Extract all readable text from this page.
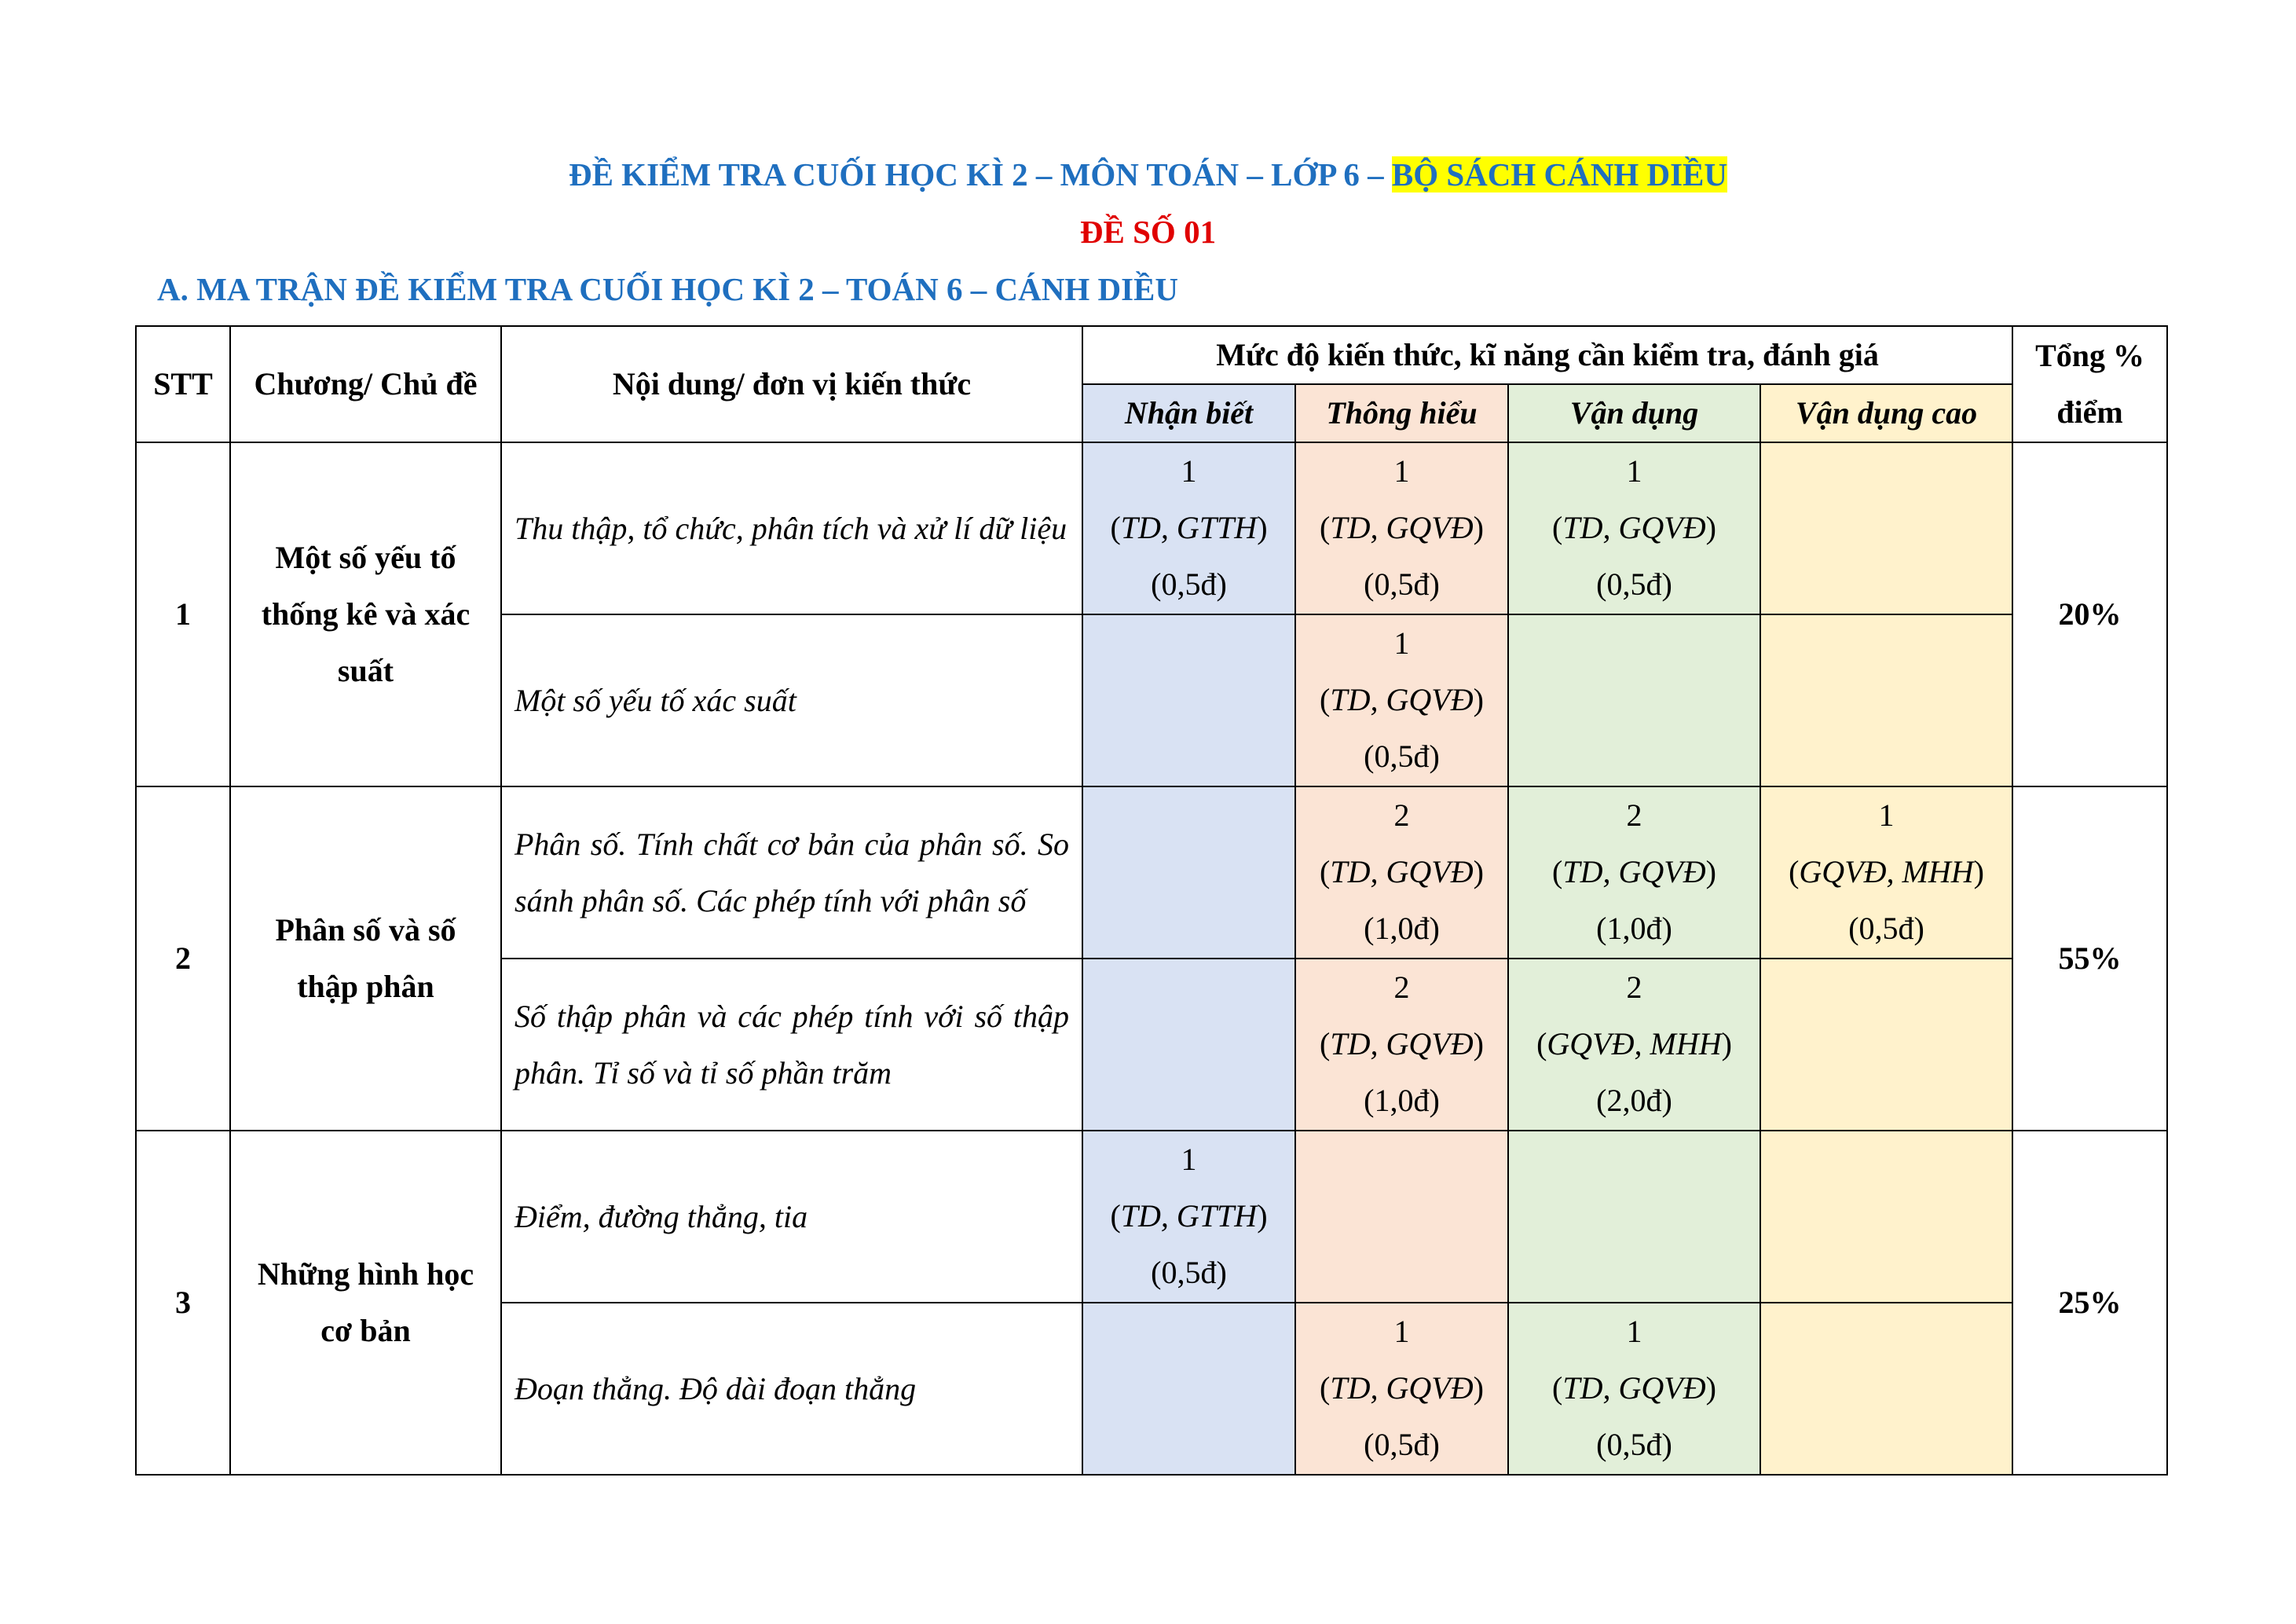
ĐỀ KIỂM TRA CUỐI HỌC KÌ 2 – MÔN TOÁN – LỚP 6 – BỘ SÁCH CÁNH DIỀU
ĐỀ SỐ 01
A. MA TRẬN ĐỀ KIỂM TRA CUỐI HỌC KÌ 2 – TOÁN 6 – CÁNH DIỀU
STT	Chương/ Chủ đề	Nội dung/ đơn vị kiến thức	Mức độ kiến thức, kĩ năng cần kiểm tra, đánh giá				Tổng % điểm
			Nhận biết	Thông hiểu	Vận dụng	Vận dụng cao	
1	Một số yếu tố thống kê và xác suất	Thu thập, tổ chức, phân tích và xử lí dữ liệu	1
(TD, GTTH)
(0,5đ)	1
(TD, GQVĐ)
(0,5đ)	1
(TD, GQVĐ)
(0,5đ)		20%
		Một số yếu tố xác suất		1
(TD, GQVĐ)
(0,5đ)			

2	Phân số và số thập phân	Phân số. Tính chất cơ bản của phân số. So sánh phân số. Các phép tính với phân số		2
(TD, GQVĐ)
(1,0đ)	2
(TD, GQVĐ)
(1,0đ)	1
(GQVĐ, MHH)
(0,5đ)	55%
		Số thập phân và các phép tính với số thập phân. Tỉ số và tỉ số phần trăm		2
(TD, GQVĐ)
(1,0đ)	2
(GQVĐ, MHH)
(2,0đ)		

3	Những hình học cơ bản	Điểm, đường thẳng, tia	1
(TD, GTTH)
(0,5đ)				25%
		Đoạn thẳng. Độ dài đoạn thẳng		1
(TD, GQVĐ)
(0,5đ)	1
(TD, GQVĐ)
(0,5đ)		
